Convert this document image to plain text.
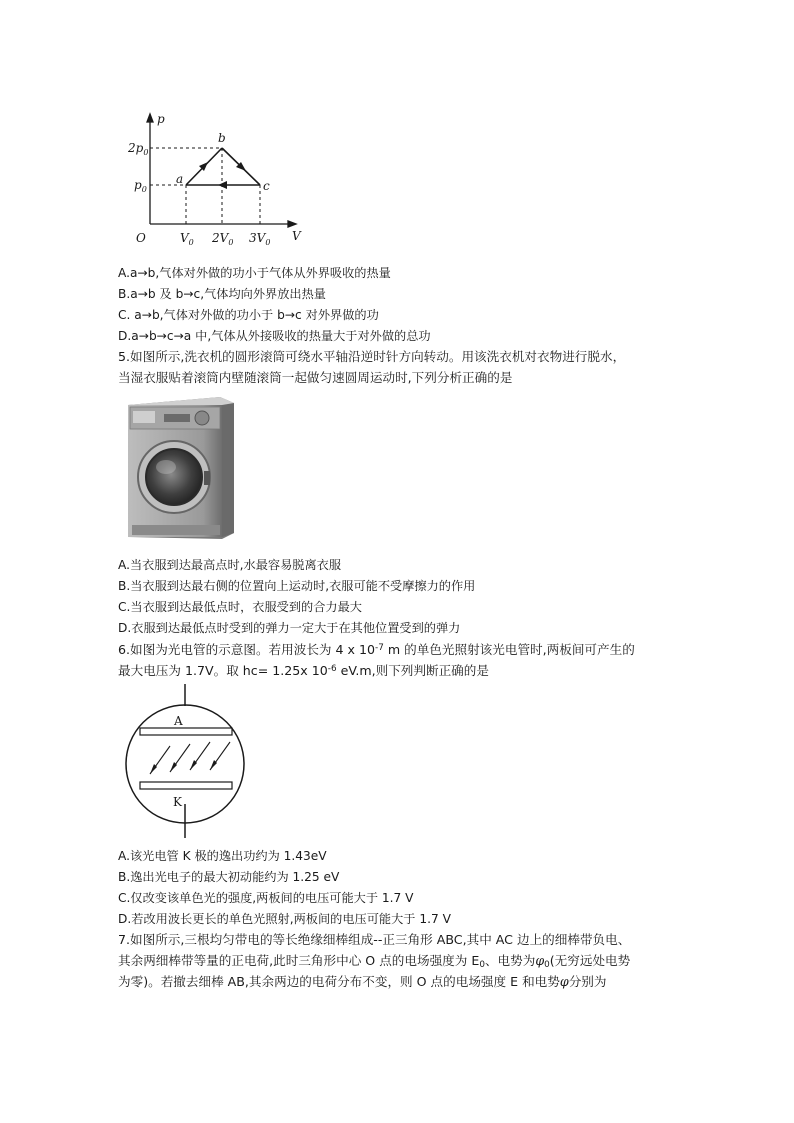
p
V
O
a
b
c
$2p_0$
$p_0$
$V_0$ $2V_0$ $3V_0$
A.a→b,气体对外做的功小于气体从外界吸收的热量
B.a→b 及 b→c,气体均向外界放出热量
C. a→b,气体对外做的功小于 b→c 对外界做的功
D.a→b→c→a 中,气体从外接吸收的热量大于对外做的总功
5.如图所示,洗衣机的圆形滚筒可绕水平轴沿逆时针方向转动。用该洗衣机对衣物进行脱水，
当湿衣服贴着滚筒内壁随滚筒一起做匀速圆周运动时,下列分析正确的是
A.当衣服到达最高点时,水最容易脱离衣服
B.当衣服到达最右侧的位置向上运动时,衣服可能不受摩擦力的作用
C.当衣服到达最低点时，衣服受到的合力最大
D.衣服到达最低点时受到的弹力一定大于在其他位置受到的弹力
6.如图为光电管的示意图。若用波长为 4 x $10^{-7}$ m 的单色光照射该光电管时,两板间可产生的
最大电压为 1.7V。取 hc= 1.25x $10^{-6}$ eV.m,则下列判断正确的是
A
K
A.该光电管 K 极的逸出功约为 1.43eV
B.逸出光电子的最大初动能约为 1.25 eV
C.仅改变该单色光的强度,两板间的电压可能大于 1.7 V
D.若改用波长更长的单色光照射,两板间的电压可能大于 1.7 V
7.如图所示,三根均匀带电的等长绝缘细棒组成--正三角形 ABC,其中 AC 边上的细棒带负电、
其余两细棒带等量的正电荷,此时三角形中心 O 点的电场强度为 $E_0$、电势为$\varphi_0$(无穷远处电势
为零)。若撤去细棒 AB,其余两边的电荷分布不变，则 O 点的电场强度 E 和电势φ分别为
